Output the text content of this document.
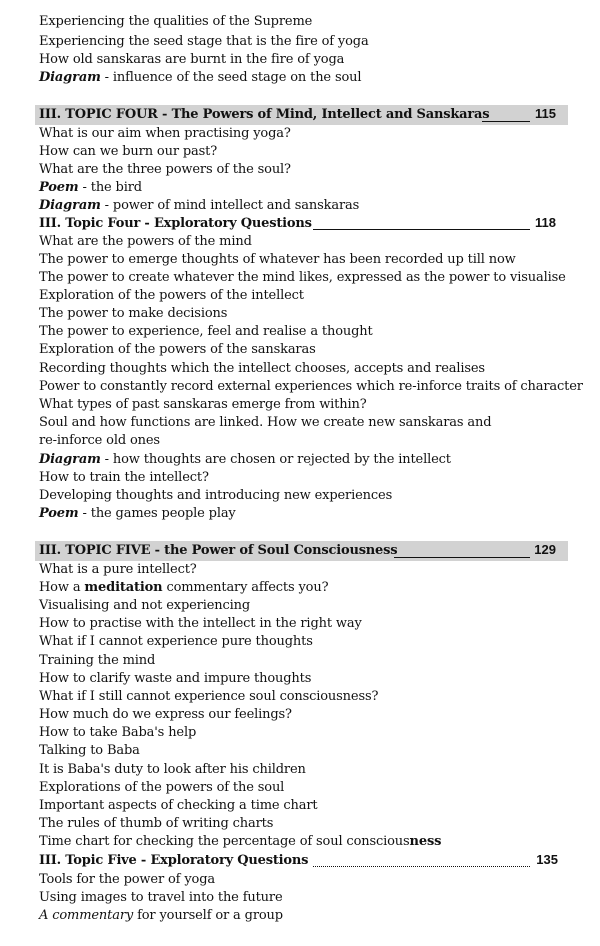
Experiencing the qualities of the Supreme
Experiencing the seed stage that is the fire of yoga
How old sanskaras are burnt in the fire of yoga
Diagram - influence of the seed stage on the soul
III. TOPIC FOUR - The Powers of Mind, Intellect and Sanskaras	115
What is our aim when practising yoga?
How can we burn our past?
What are the three powers of the soul?
Poem - the bird
Diagram - power of mind intellect and sanskaras
III. Topic Four - Exploratory Questions	118
What are the powers of the mind
The power to emerge thoughts of whatever has been recorded up till now
The power to create whatever the mind likes, expressed as the power to visualise
Exploration of the powers of the intellect
The power to make decisions
The power to experience, feel and realise a thought
Exploration of the powers of the sanskaras
Recording thoughts which the intellect chooses, accepts and realises
Power to constantly record external experiences which re-inforce traits of character
What types of past sanskaras emerge from within?
Soul and how functions are linked. How we create new sanskaras and
re-inforce old ones
Diagram - how thoughts are chosen or rejected by the intellect
How to train the intellect?
Developing thoughts and introducing new experiences
Poem - the games people play
III. TOPIC FIVE - the Power of Soul Consciousness	129
What is a pure intellect?
How a meditation commentary affects you?
Visualising and not experiencing
How to practise with the intellect in the right way
What if I cannot experience pure thoughts
Training the mind
How to clarify waste and impure thoughts
What if I still cannot experience soul consciousness?
How much do we express our feelings?
How to take Baba's help
Talking to Baba
It is Baba's duty to look after his children
Explorations of the powers of the soul
Important aspects of checking a time chart
The rules of thumb of writing charts
Time chart for checking the percentage of soul consciousness
III. Topic Five - Exploratory Questions	135
Tools for the power of yoga
Using images to travel into the future
A commentary for yourself or a group
